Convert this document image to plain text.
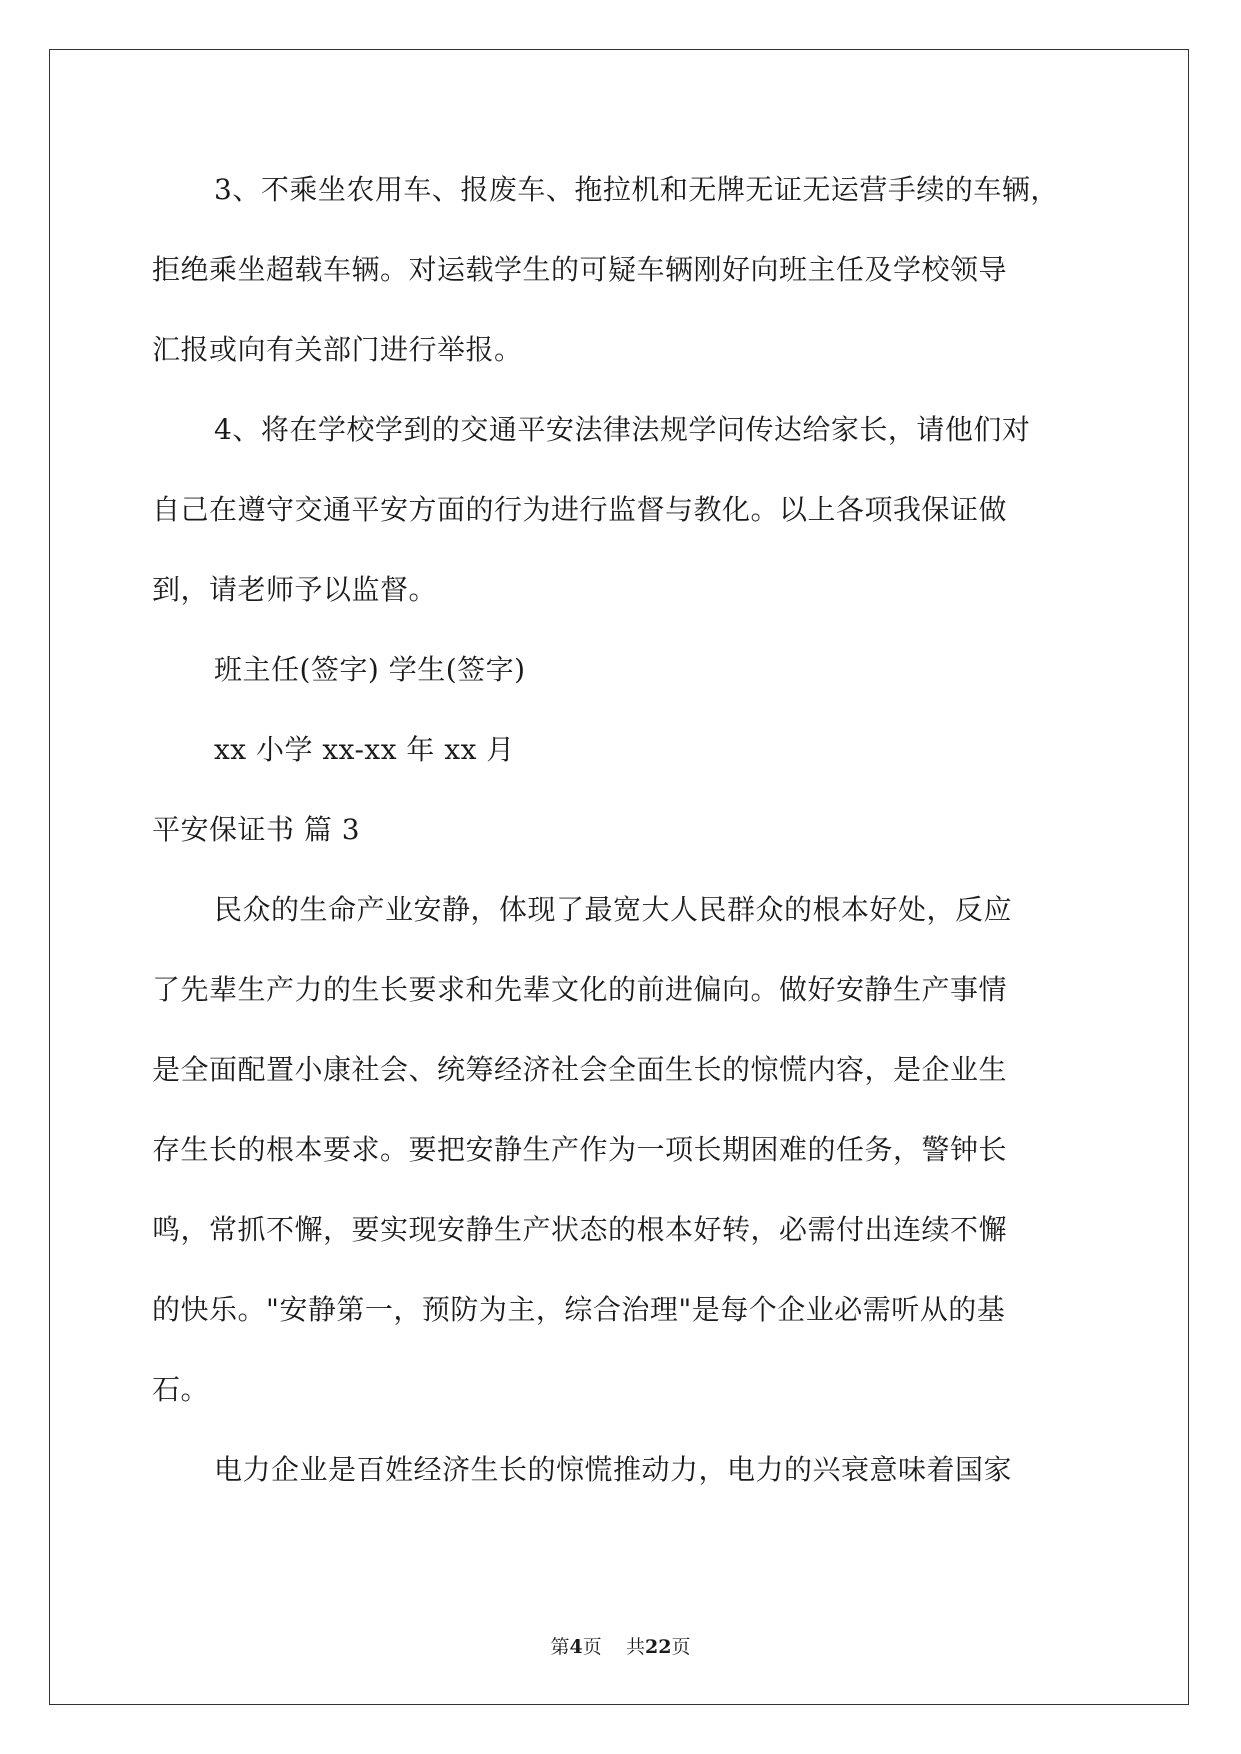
3、不乘坐农用车、报废车、拖拉机和无牌无证无运营手续的车辆，
拒绝乘坐超载车辆。对运载学生的可疑车辆刚好向班主任及学校领导
汇报或向有关部门进行举报。
4、将在学校学到的交通平安法律法规学问传达给家长，请他们对
自己在遵守交通平安方面的行为进行监督与教化。以上各项我保证做
到，请老师予以监督。
班主任(签字) 学生(签字)
xx 小学 xx-xx 年 xx 月
平安保证书 篇 3
民众的生命产业安静，体现了最宽大人民群众的根本好处，反应
了先辈生产力的生长要求和先辈文化的前进偏向。做好安静生产事情
是全面配置小康社会、统筹经济社会全面生长的惊慌内容，是企业生
存生长的根本要求。要把安静生产作为一项长期困难的任务，警钟长
鸣，常抓不懈，要实现安静生产状态的根本好转，必需付出连续不懈
的快乐。"安静第一，预防为主，综合治理"是每个企业必需听从的基
石。
电力企业是百姓经济生长的惊慌推动力，电力的兴衰意味着国家
第4页 共22页
